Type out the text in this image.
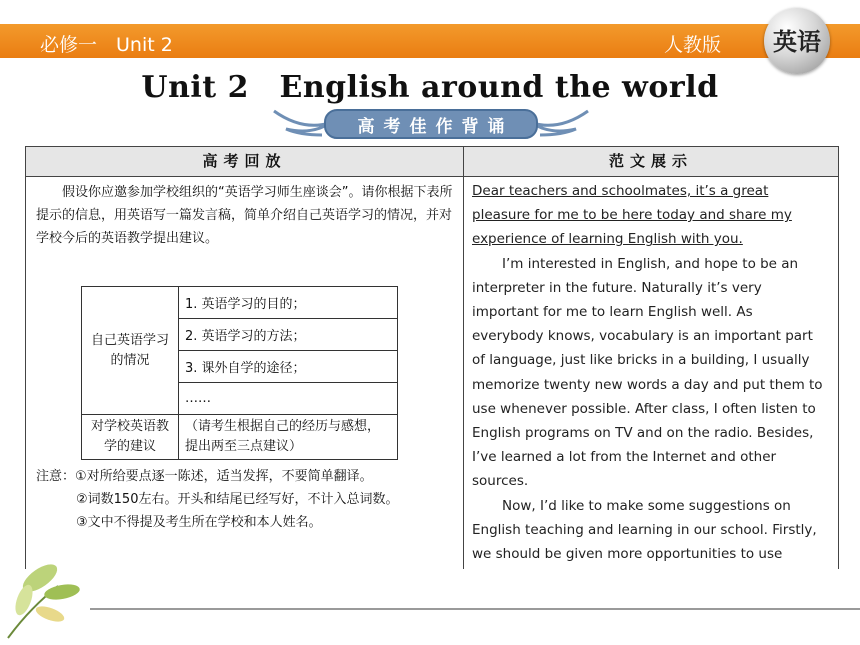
必修一　Unit 2	人教版 英语
Unit 2　English around the world
高考佳作背诵
高考回放	范文展示
假设你应邀参加学校组织的“英语学习师生座谈会”。请你根据下表所提示的信息，用英语写一篇发言稿，简单介绍自己英语学习的情况，并对学校今后的英语教学提出建议。
自己英语学习的情况	1. 英语学习的目的；
	2. 英语学习的方法；
	3. 课外自学的途径；
	……
对学校英语教学的建议	（请考生根据自己的经历与感想，提出两至三点建议）
注意：①对所给要点逐一陈述，适当发挥，不要简单翻译。
②词数150左右。开头和结尾已经写好，不计入总词数。
③文中不得提及考生所在学校和本人姓名。

Dear teachers and schoolmates, it’s a great pleasure for me to be here today and share my experience of learning English with you.

I’m interested in English, and hope to be an interpreter in the future. Naturally it’s very important for me to learn English well. As everybody knows, vocabulary is an important part of language, just like bricks in a building, I usually memorize twenty new words a day and put them to use whenever possible. After class, I often listen to English programs on TV and on the radio. Besides, I’ve learned a lot from the Internet and other sources.

Now, I’d like to make some suggestions on English teaching and learning in our school. Firstly, we should be given more opportunities to use
